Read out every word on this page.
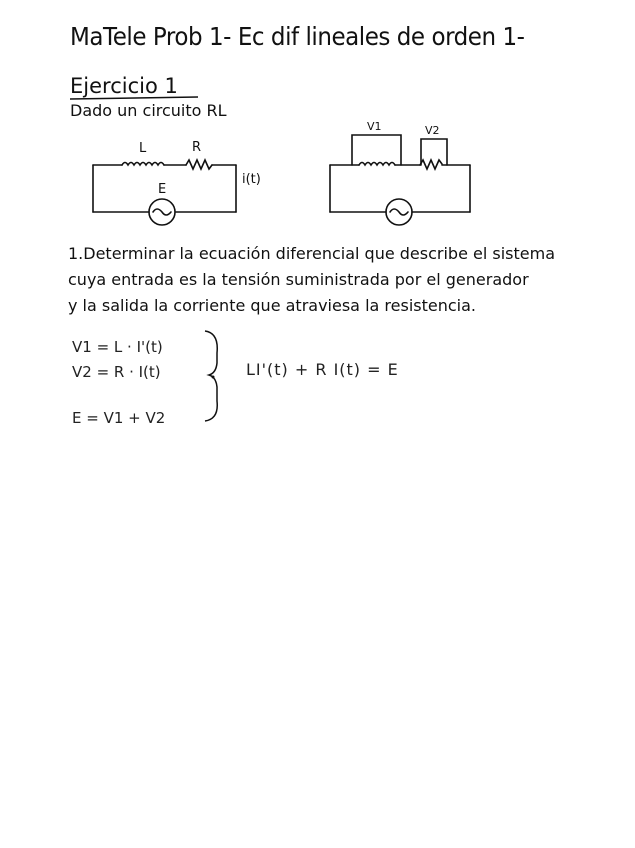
MaTele Prob 1- Ec dif lineales de orden 1-
Ejercicio 1
Dado un circuito RL
L	R
E
i(t)
V1	V2
1.Determinar la ecuación diferencial que describe el sistema
cuya entrada es la tensión suministrada por el generador
y la salida la corriente que atraviesa la resistencia.
V1 = L · I'(t)
V2 = R · I(t)
E = V1 + V2
LI'(t) + R I(t) = E
